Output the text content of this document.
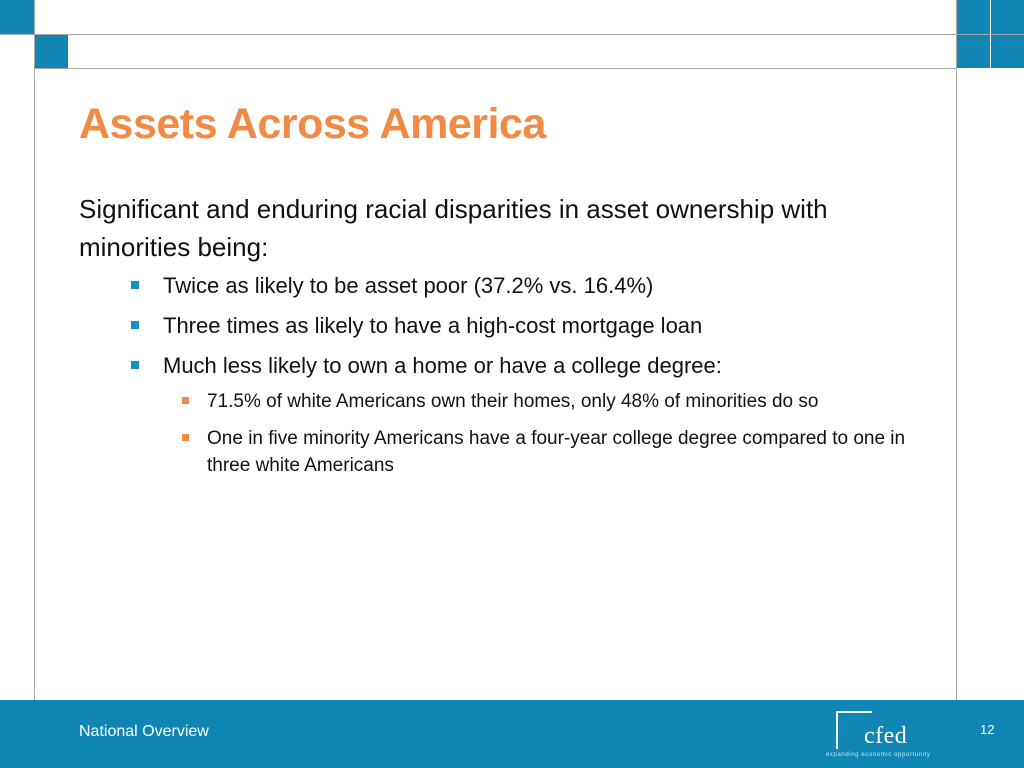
Assets Across America

Significant and enduring racial disparities in asset ownership with minorities being:

Twice as likely to be asset poor (37.2% vs. 16.4%)
Three times as likely to have a high-cost mortgage loan
Much less likely to own a home or have a college degree:
71.5% of white Americans own their homes, only 48% of minorities do so
One in five minority Americans have a four-year college degree compared to one in three white Americans
National Overview	cfed
expanding economic opportunity
12
